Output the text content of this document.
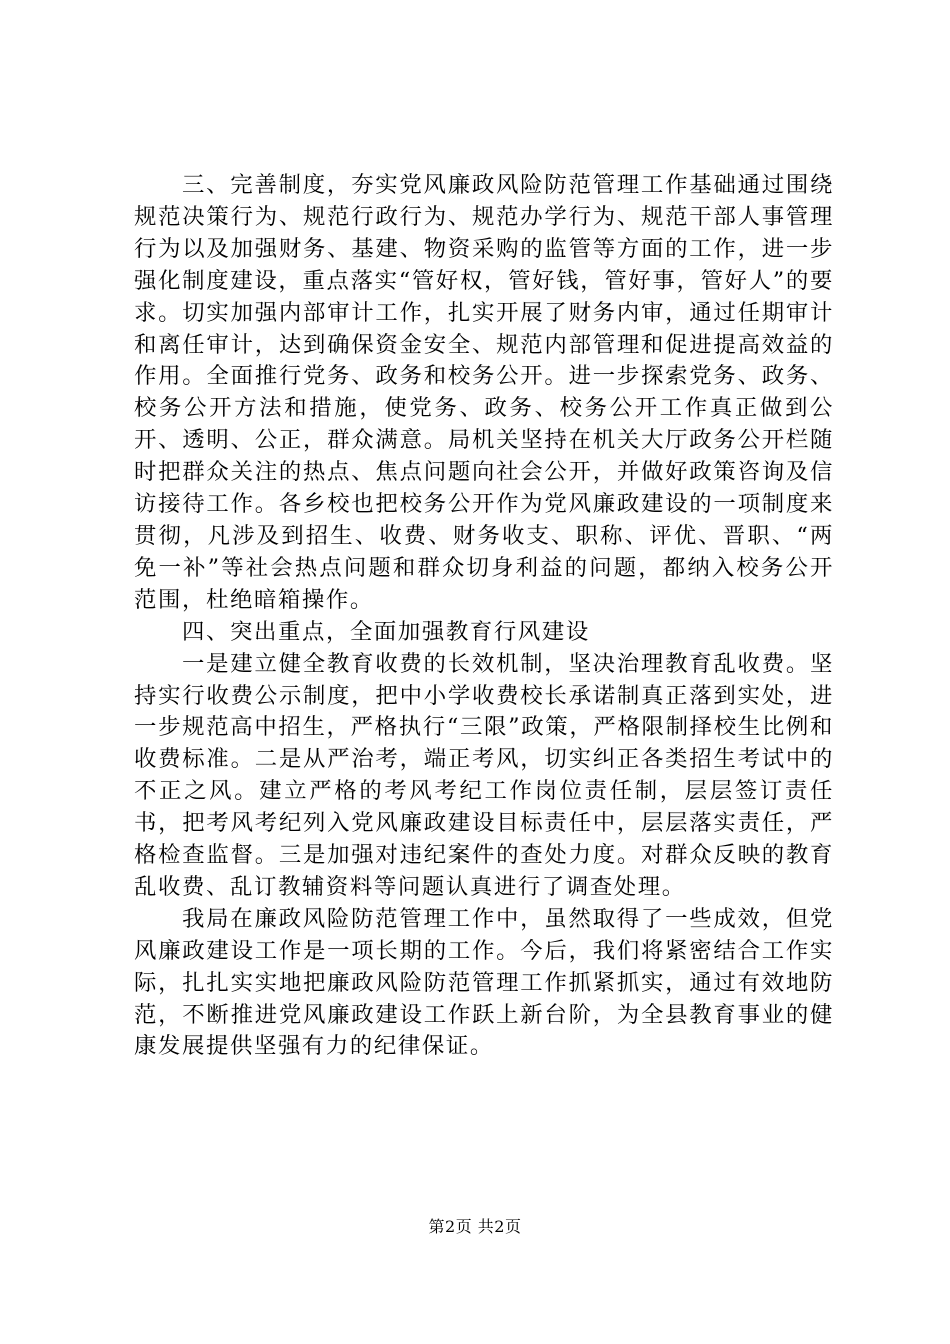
三、完善制度，夯实党风廉政风险防范管理工作基础通过围绕规范决策行为、规范行政行为、规范办学行为、规范干部人事管理行为以及加强财务、基建、物资采购的监管等方面的工作，进一步强化制度建设，重点落实“管好权，管好钱，管好事，管好人”的要求。切实加强内部审计工作，扎实开展了财务内审，通过任期审计和离任审计，达到确保资金安全、规范内部管理和促进提高效益的作用。全面推行党务、政务和校务公开。进一步探索党务、政务、校务公开方法和措施，使党务、政务、校务公开工作真正做到公开、透明、公正，群众满意。局机关坚持在机关大厅政务公开栏随时把群众关注的热点、焦点问题向社会公开，并做好政策咨询及信访接待工作。各乡校也把校务公开作为党风廉政建设的一项制度来贯彻，凡涉及到招生、收费、财务收支、职称、评优、晋职、“两免一补”等社会热点问题和群众切身利益的问题，都纳入校务公开范围，杜绝暗箱操作。

四、突出重点，全面加强教育行风建设

一是建立健全教育收费的长效机制，坚决治理教育乱收费。坚持实行收费公示制度，把中小学收费校长承诺制真正落到实处，进一步规范高中招生，严格执行“三限”政策，严格限制择校生比例和收费标准。二是从严治考，端正考风，切实纠正各类招生考试中的不正之风。建立严格的考风考纪工作岗位责任制，层层签订责任书，把考风考纪列入党风廉政建设目标责任中，层层落实责任，严格检查监督。三是加强对违纪案件的查处力度。对群众反映的教育乱收费、乱订教辅资料等问题认真进行了调查处理。

我局在廉政风险防范管理工作中，虽然取得了一些成效，但党风廉政建设工作是一项长期的工作。今后，我们将紧密结合工作实际，扎扎实实地把廉政风险防范管理工作抓紧抓实，通过有效地防范，不断推进党风廉政建设工作跃上新台阶，为全县教育事业的健康发展提供坚强有力的纪律保证。

第2页 共2页
